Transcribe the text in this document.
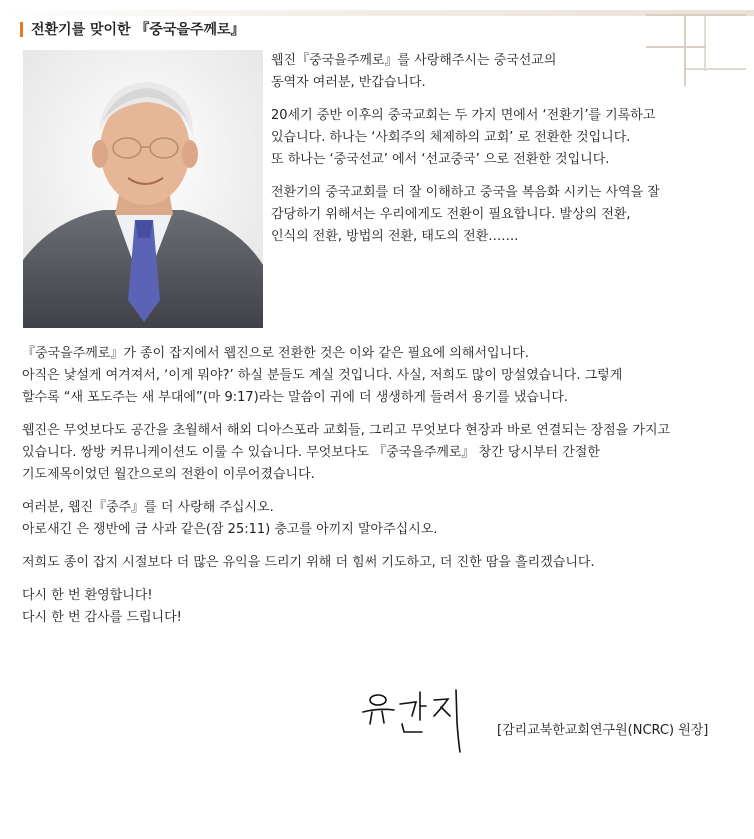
전환기를 맞이한 『중국을주께로』

웹진『중국을주께로』를 사랑해주시는 중국선교의

동역자 여러분, 반갑습니다.

20세기 중반 이후의 중국교회는 두 가지 면에서 ‘전환기’를 기록하고

있습니다. 하나는 ‘사회주의 체제하의 교회’ 로 전환한 것입니다.

또 하나는 ‘중국선교’ 에서 ‘선교중국’ 으로 전환한 것입니다.

전환기의 중국교회를 더 잘 이해하고 중국을 복음화 시키는 사역을 잘

감당하기 위해서는 우리에게도 전환이 필요합니다. 발상의 전환,

인식의 전환, 방법의 전환, 태도의 전환…….

『중국을주께로』가 종이 잡지에서 웹진으로 전환한 것은 이와 같은 필요에 의해서입니다.

아직은 낯설게 여겨져서, ‘이게 뭐야?’ 하실 분들도 계실 것입니다. 사실, 저희도 많이 망설였습니다. 그렇게

할수록 “새 포도주는 새 부대에”(마 9:17)라는 말씀이 귀에 더 생생하게 들려서 용기를 냈습니다.

웹진은 무엇보다도 공간을 초월해서 해외 디아스포라 교회들, 그리고 무엇보다 현장과 바로 연결되는 장점을 가지고

있습니다. 쌍방 커뮤니케이션도 이룰 수 있습니다. 무엇보다도 『중국을주께로』 창간 당시부터 간절한

기도제목이었던 월간으로의 전환이 이루어졌습니다.

여러분, 웹진『중주』를 더 사랑해 주십시오.

아로새긴 은 쟁반에 금 사과 같은(잠 25:11) 충고를 아끼지 말아주십시오.

저희도 종이 잡지 시절보다 더 많은 유익을 드리기 위해 더 힘써 기도하고, 더 진한 땀을 흘리겠습니다.

다시 한 번 환영합니다!

다시 한 번 감사를 드립니다!

[감리교북한교회연구원(NCRC) 원장]
